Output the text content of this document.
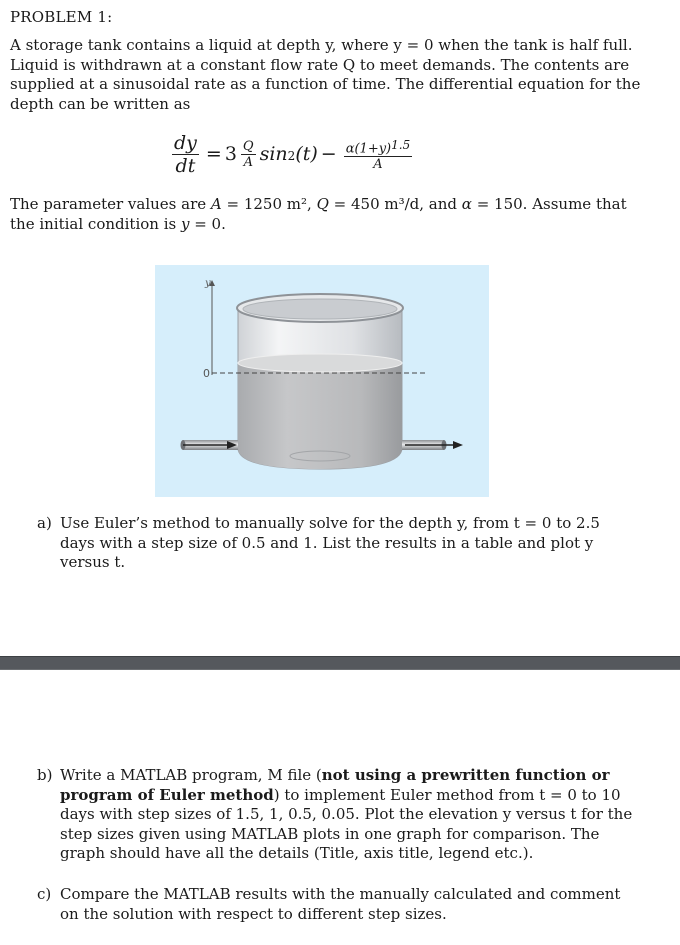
PROBLEM 1:
A storage tank contains a liquid at depth y, where y = 0 when the tank is half full. Liquid is withdrawn at a constant flow rate Q to meet demands. The contents are supplied at a sinusoidal rate as a function of time. The differential equation for the depth can be written as
$\frac{dy}{dt} = 3 \frac{Q}{A} \sin^2 (t) - \frac{\alpha(1+y)^{1.5}}{A}$
The parameter values are A = 1250 m², Q = 450 m³/d, and α = 150. Assume that the initial condition is y = 0.
y
0
a) Use Euler’s method to manually solve for the depth y, from t = 0 to 2.5 days with a step size of 0.5 and 1. List the results in a table and plot y versus t.
b) Write a MATLAB program, M file (not using a prewritten function or program of Euler method) to implement Euler method from t = 0 to 10 days with step sizes of 1.5, 1, 0.5, 0.05. Plot the elevation y versus t for the step sizes given using MATLAB plots in one graph for comparison. The graph should have all the details (Title, axis title, legend etc.).
c) Compare the MATLAB results with the manually calculated and comment on the solution with respect to different step sizes.
